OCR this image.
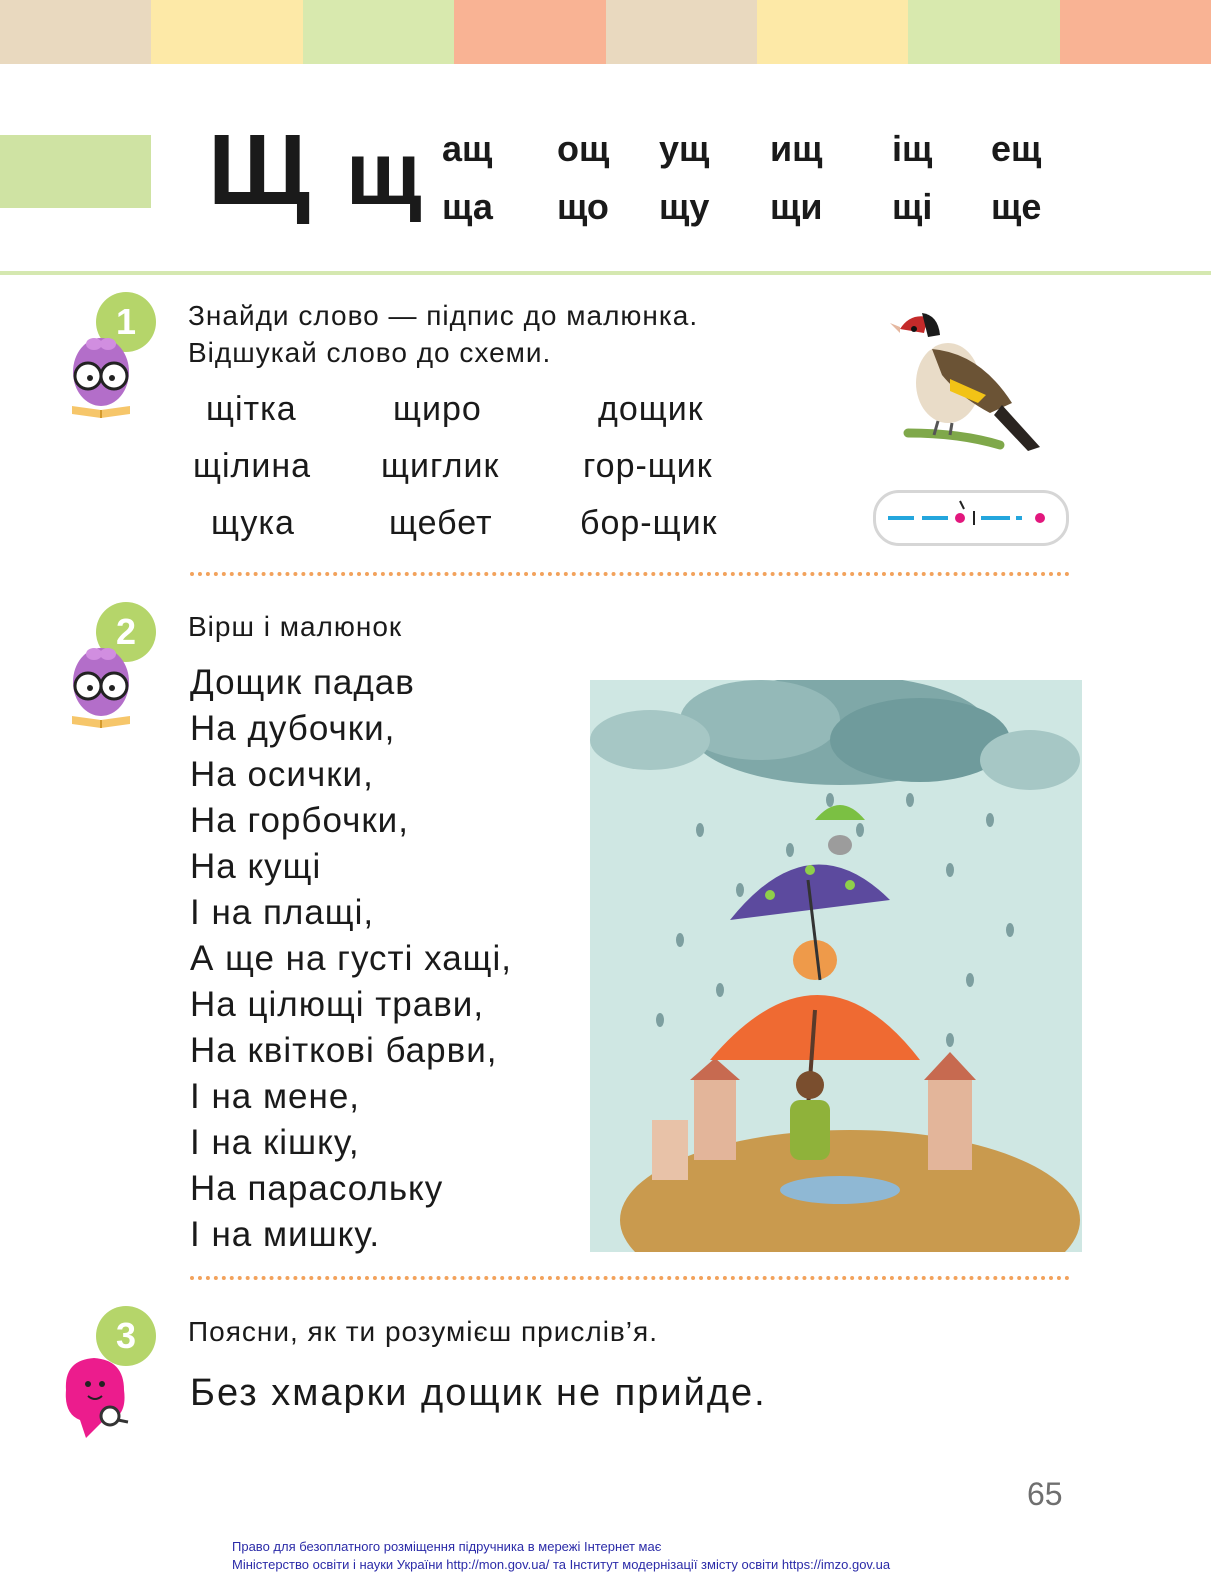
Щ щ ащ ощ ущ ищ іщ ещ
ща що щу щи щі ще
1	Знайди слово — підпис до малюнка.
Відшукай слово до схеми.
щітка	щиро	дощик
щілина щиглик гор-щик
щука	щебет	бор-щик
2	Вірш і малюнок
Дощик падав
На дубочки,
На осички,
На горбочки,
На кущі
І на плащі,
А ще на густі хащі,
На цілющі трави,
На квіткові барви,
І на мене,
І на кішку,
На парасольку
І на мишку.
3	Поясни, як ти розумієш прислів’я.
Без хмарки дощик не прийде.
65
Право для безоплатного розміщення підручника в мережі Інтернет має
Міністерство освіти і науки України http://mon.gov.ua/ та Інститут модернізації змісту освіти https://imzo.gov.ua
